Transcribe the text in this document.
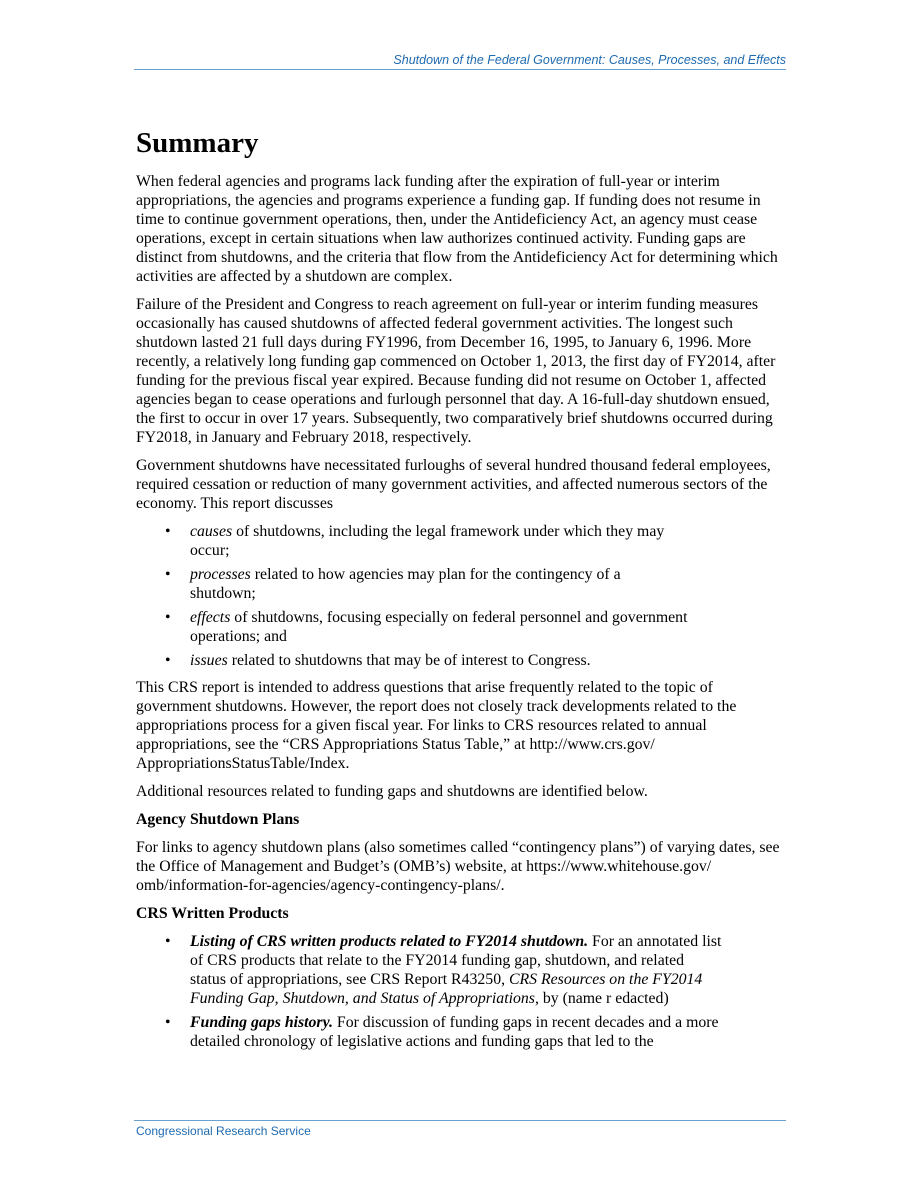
Shutdown of the Federal Government: Causes, Processes, and Effects
Summary

When federal agencies and programs lack funding after the expiration of full-year or interim appropriations, the agencies and programs experience a funding gap. If funding does not resume in time to continue government operations, then, under the Antideficiency Act, an agency must cease operations, except in certain situations when law authorizes continued activity. Funding gaps are distinct from shutdowns, and the criteria that flow from the Antideficiency Act for determining which activities are affected by a shutdown are complex.

Failure of the President and Congress to reach agreement on full-year or interim funding measures occasionally has caused shutdowns of affected federal government activities. The longest such shutdown lasted 21 full days during FY1996, from December 16, 1995, to January 6, 1996. More recently, a relatively long funding gap commenced on October 1, 2013, the first day of FY2014, after funding for the previous fiscal year expired. Because funding did not resume on October 1, affected agencies began to cease operations and furlough personnel that day. A 16-full-day shutdown ensued, the first to occur in over 17 years. Subsequently, two comparatively brief shutdowns occurred during FY2018, in January and February 2018, respectively.

Government shutdowns have necessitated furloughs of several hundred thousand federal employees, required cessation or reduction of many government activities, and affected numerous sectors of the economy. This report discusses

• causes of shutdowns, including the legal framework under which they may occur;
• processes related to how agencies may plan for the contingency of a shutdown;
• effects of shutdowns, focusing especially on federal personnel and government operations; and
• issues related to shutdowns that may be of interest to Congress.

This CRS report is intended to address questions that arise frequently related to the topic of government shutdowns. However, the report does not closely track developments related to the appropriations process for a given fiscal year. For links to CRS resources related to annual appropriations, see the “CRS Appropriations Status Table,” at http://www.crs.gov/ AppropriationsStatusTable/Index.

Additional resources related to funding gaps and shutdowns are identified below.

Agency Shutdown Plans

For links to agency shutdown plans (also sometimes called “contingency plans”) of varying dates, see the Office of Management and Budget’s (OMB’s) website, at https://www.whitehouse.gov/ omb/information-for-agencies/agency-contingency-plans/.

CRS Written Products
• Listing of CRS written products related to FY2014 shutdown. For an annotated list of CRS products that relate to the FY2014 funding gap, shutdown, and related status of appropriations, see CRS Report R43250, CRS Resources on the FY2014 Funding Gap, Shutdown, and Status of Appropriations, by (name r edacted)
• Funding gaps history. For discussion of funding gaps in recent decades and a more detailed chronology of legislative actions and funding gaps that led to the
Congressional Research Service
